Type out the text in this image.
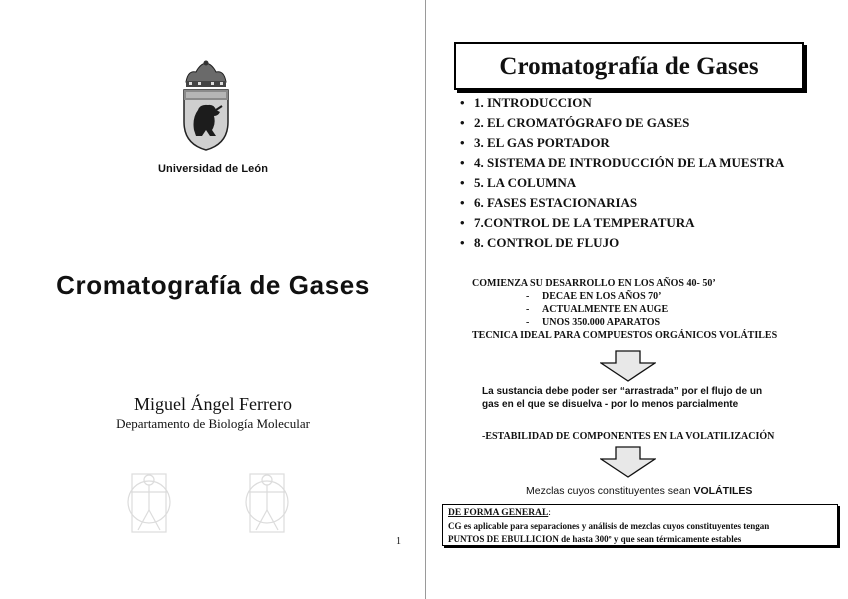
Universidad de León
Cromatografía de Gases
Miguel Ángel Ferrero
Departamento de Biología Molecular
1
Cromatografía de Gases
• 1. INTRODUCCION
• 2. EL CROMATÓGRAFO DE GASES
• 3. EL GAS PORTADOR
• 4. SISTEMA DE INTRODUCCIÓN DE LA MUESTRA
• 5. LA COLUMNA
• 6. FASES ESTACIONARIAS
• 7.CONTROL DE LA TEMPERATURA
• 8. CONTROL DE FLUJO
COMIENZA SU DESARROLLO EN LOS AÑOS 40- 50’
- DECAE EN LOS AÑOS 70’
- ACTUALMENTE EN AUGE
- UNOS 350.000 APARATOS
TECNICA IDEAL PARA COMPUESTOS ORGÁNICOS VOLÁTILES
La sustancia debe poder ser “arrastrada” por el flujo de un
gas en el que se disuelva - por lo menos parcialmente
-ESTABILIDAD DE COMPONENTES EN LA VOLATILIZACIÓN
Mezclas cuyos constituyentes sean VOLÁTILES
DE FORMA GENERAL:
CG es aplicable para separaciones y análisis de mezclas cuyos constituyentes tengan
PUNTOS DE EBULLICION de hasta 300º y que sean térmicamente estables
